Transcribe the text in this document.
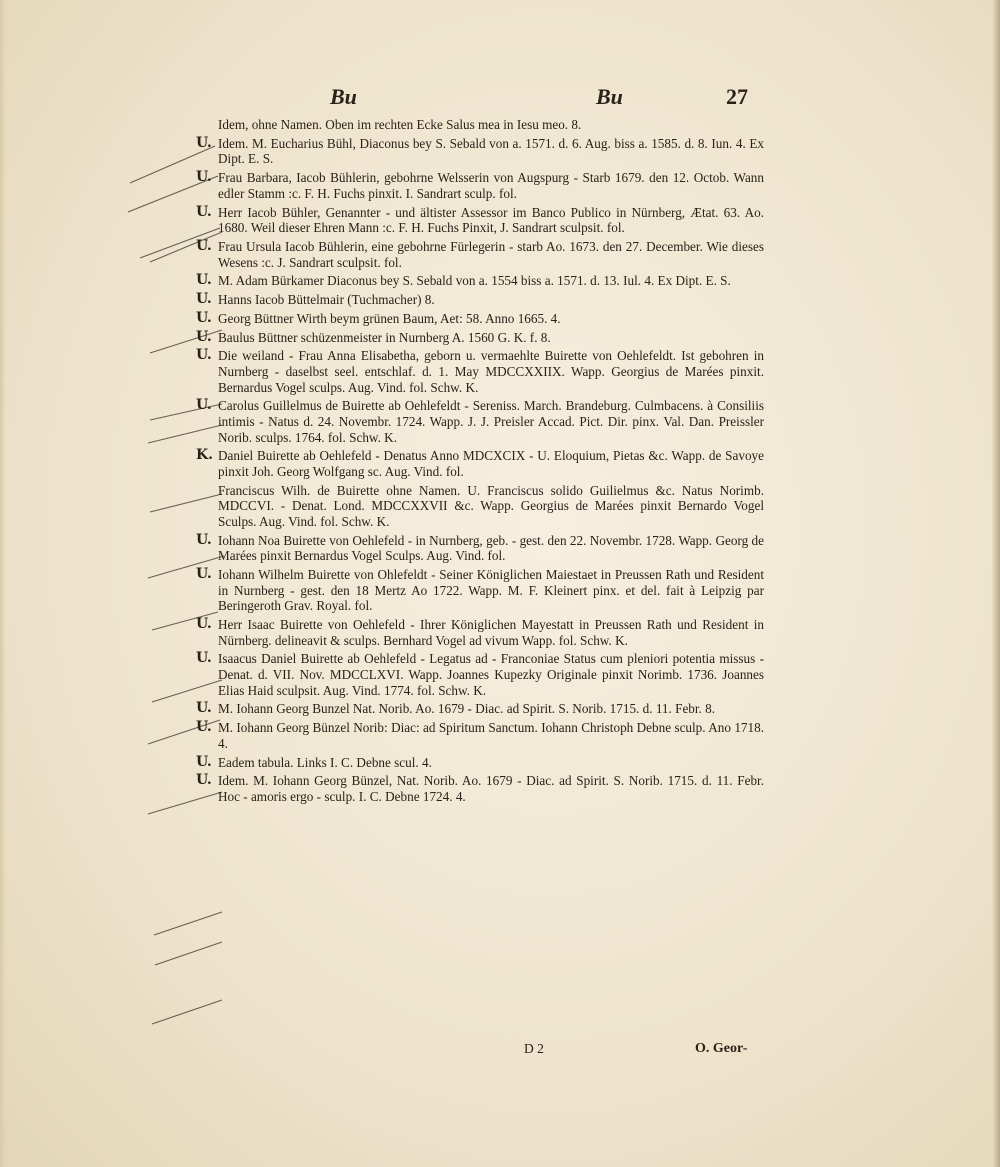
Bu	Bu	27
Idem, ohne Namen. Oben im rechten Ecke Salus mea in Iesu meo. 8.
U. Idem. M. Eucharius Bühl, Diaconus bey S. Sebald von a. 1571. d. 6. Aug. biss a. 1585. d. 8. Iun. 4. Ex Dipt. E. S.
U. Frau Barbara, Iacob Bühlerin, gebohrne Welsserin von Augspurg - Starb 1679. den 12. Octob. Wann edler Stamm :c. F. H. Fuchs pinxit. I. Sandrart sculp. fol.
U. Herr Iacob Bühler, Genannter - und ältister Assessor im Banco Publico in Nürnberg, Ætat. 63. Ao. 1680. Weil dieser Ehren Mann :c. F. H. Fuchs Pinxit, J. Sandrart sculpsit. fol.
U. Frau Ursula Iacob Bühlerin, eine gebohrne Fürlegerin - starb Ao. 1673. den 27. December. Wie dieses Wesens :c. J. Sandrart sculpsit. fol.
U. M. Adam Bürkamer Diaconus bey S. Sebald von a. 1554 biss a. 1571. d. 13. Iul. 4. Ex Dipt. E. S.
U. Hanns Iacob Büttelmair (Tuchmacher) 8.
U. Georg Büttner Wirth beym grünen Baum, Aet: 58. Anno 1665. 4.
U. Baulus Büttner schüzenmeister in Nurnberg A. 1560 G. K. f. 8.
U. Die weiland - Frau Anna Elisabetha, geborn u. vermaehlte Buirette von Oehlefeldt. Ist gebohren in Nurnberg - daselbst seel. entschlaf. d. 1. May MDCCXXIIX. Wapp. Georgius de Marées pinxit. Bernardus Vogel sculps. Aug. Vind. fol. Schw. K.
U. Carolus Guillelmus de Buirette ab Oehlefeldt - Sereniss. March. Brandeburg. Culmbacens. à Consiliis intimis - Natus d. 24. Novembr. 1724. Wapp. J. J. Preisler Accad. Pict. Dir. pinx. Val. Dan. Preissler Norib. sculps. 1764. fol. Schw. K.
K. Daniel Buirette ab Oehlefeld - Denatus Anno MDCXCIX - U. Eloquium, Pietas &c. Wapp. de Savoye pinxit Joh. Georg Wolfgang sc. Aug. Vind. fol.
Franciscus Wilh. de Buirette ohne Namen. U. Franciscus solido Guilielmus &c. Natus Norimb. MDCCVI. - Denat. Lond. MDCCXXVII &c. Wapp. Georgius de Marées pinxit Bernardo Vogel Sculps. Aug. Vind. fol. Schw. K.
U. Iohann Noa Buirette von Oehlefeld - in Nurnberg, geb. - gest. den 22. Novembr. 1728. Wapp. Georg de Marées pinxit Bernardus Vogel Sculps. Aug. Vind. fol.
U. Iohann Wilhelm Buirette von Ohlefeldt - Seiner Königlichen Maiestaet in Preussen Rath und Resident in Nurnberg - gest. den 18 Mertz Ao 1722. Wapp. M. F. Kleinert pinx. et del. fait à Leipzig par Beringeroth Grav. Royal. fol.
U. Herr Isaac Buirette von Oehlefeld - Ihrer Königlichen Mayestatt in Preussen Rath und Resident in Nürnberg. delineavit & sculps. Bernhard Vogel ad vivum Wapp. fol. Schw. K.
U. Isaacus Daniel Buirette ab Oehlefeld - Legatus ad - Franconiae Status cum pleniori potentia missus - Denat. d. VII. Nov. MDCCLXVI. Wapp. Joannes Kupezky Originale pinxit Norimb. 1736. Joannes Elias Haid sculpsit. Aug. Vind. 1774. fol. Schw. K.
U. M. Iohann Georg Bunzel Nat. Norib. Ao. 1679 - Diac. ad Spirit. S. Norib. 1715. d. 11. Febr. 8.
U. M. Iohann Georg Bünzel Norib: Diac: ad Spiritum Sanctum. Iohann Christoph Debne sculp. Ano 1718. 4.
U. Eadem tabula. Links I. C. Debne scul. 4.
U. Idem. M. Iohann Georg Bünzel, Nat. Norib. Ao. 1679 - Diac. ad Spirit. S. Norib. 1715. d. 11. Febr. Hoc - amoris ergo - sculp. I. C. Debne 1724. 4.
D 2	O. Geor-
